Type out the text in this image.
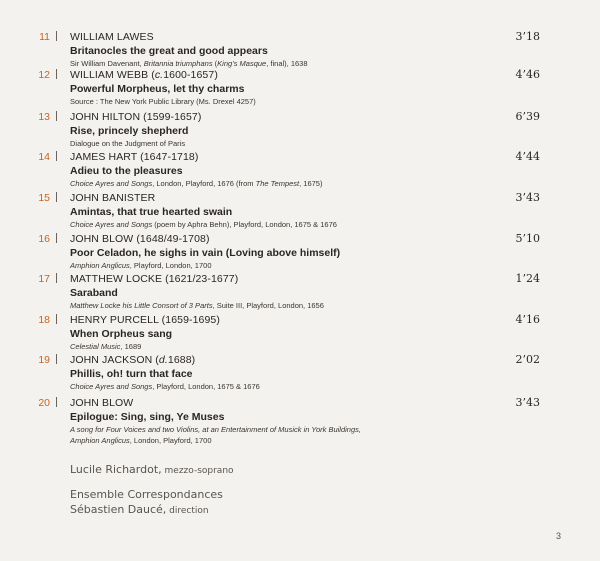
11 WILLIAM LAWES	3’18
Britanocles the great and good appears
Sir William Davenant, Britannia triumphans (King’s Masque, final), 1638
12 WILLIAM WEBB (c.1600-1657)	4’46
Powerful Morpheus, let thy charms
Source : The New York Public Library (Ms. Drexel 4257)
13 JOHN HILTON (1599-1657)	6’39
Rise, princely shepherd
Dialogue on the Judgment of Paris
14 JAMES HART (1647-1718)	4’44
Adieu to the pleasures
Choice Ayres and Songs, London, Playford, 1676 (from The Tempest, 1675)
15 JOHN BANISTER	3’43
Amintas, that true hearted swain
Choice Ayres and Songs (poem by Aphra Behn), Playford, London, 1675 & 1676
16 JOHN BLOW (1648/49-1708)	5’10
Poor Celadon, he sighs in vain (Loving above himself)
Amphion Anglicus, Playford, London, 1700
17 MATTHEW LOCKE (1621/23-1677)	1’24
Saraband
Matthew Locke his Little Consort of 3 Parts, Suite III, Playford, London, 1656
18 HENRY PURCELL (1659-1695)	4’16
When Orpheus sang
Celestial Music, 1689
19 JOHN JACKSON (d.1688)	2’02
Phillis, oh! turn that face
Choice Ayres and Songs, Playford, London, 1675 & 1676
20 JOHN BLOW	3’43
Epilogue: Sing, sing, Ye Muses
A song for Four Voices and two Violins, at an Entertainment of Musick in York Buildings,
Amphion Anglicus, London, Playford, 1700
Lucile Richardot, mezzo-soprano
Ensemble Correspondances
Sébastien Daucé, direction
3
